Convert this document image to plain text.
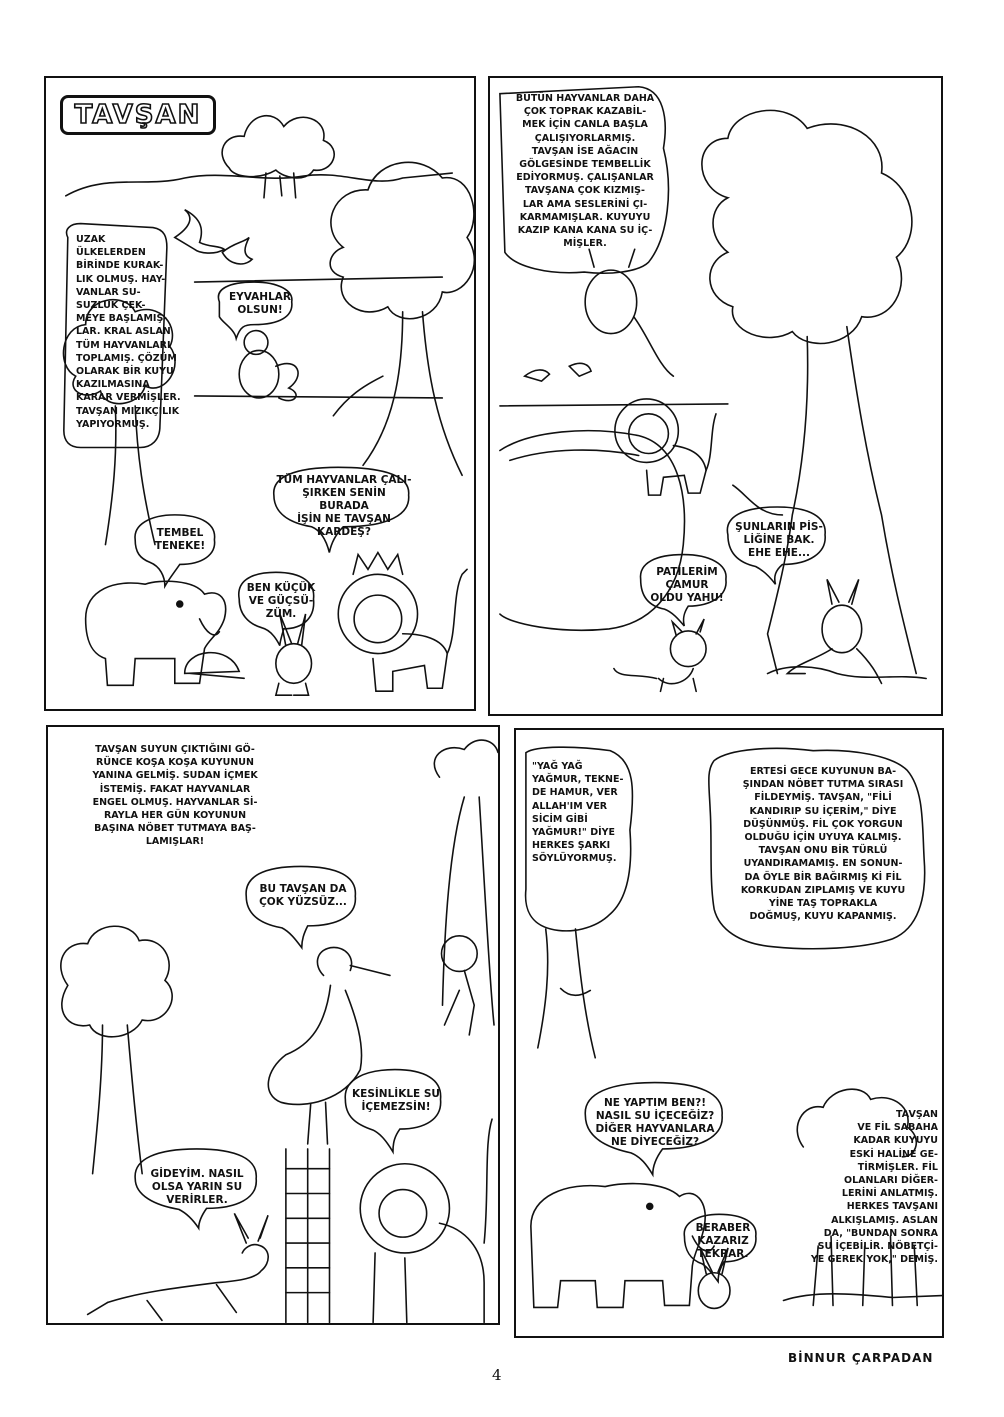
TAVŞAN
UZAK
ÜLKELERDEN
BİRİNDE KURAK-
LIK OLMUŞ. HAY-
VANLAR SU-
SUZLUK ÇEK-
MEYE BAŞLAMIŞ-
LAR. KRAL ASLAN
TÜM HAYVANLARI
TOPLAMIŞ. ÇÖZÜM
OLARAK BİR KUYU
KAZILMASINA
KARAR VERMİŞLER.
TAVŞAN MIZIKÇILIK
YAPIYORMUŞ.
EYVAHLAR
OLSUN!
TEMBEL
TENEKE!
TÜM HAYVANLAR ÇALI-
ŞIRKEN SENİN BURADA
İŞİN NE TAVŞAN
KARDEŞ?
BEN KÜÇÜK
VE GÜÇSÜ-
ZÜM.
BÜTÜN HAYVANLAR DAHA
ÇOK TOPRAK KAZABİL-
MEK İÇİN CANLA BAŞLA
ÇALIŞIYORLARMIŞ.
TAVŞAN İSE AĞACIN
GÖLGESİNDE TEMBELLİK
EDİYORMUŞ. ÇALIŞANLAR
TAVŞANA ÇOK KIZMIŞ-
LAR AMA SESLERİNİ ÇI-
KARMAMIŞLAR. KUYUYU
KAZIP KANA KANA SU İÇ-
MİŞLER.
ŞUNLARIN PİS-
LİĞİNE BAK.
EHE EHE...
PATİLERİM
ÇAMUR
OLDU YAHU!
TAVŞAN SUYUN ÇIKTIĞINI GÖ-
RÜNCE KOŞA KOŞA KUYUNUN
YANINA GELMİŞ. SUDAN İÇMEK
İSTEMİŞ. FAKAT HAYVANLAR
ENGEL OLMUŞ. HAYVANLAR Sİ-
RAYLA HER GÜN KOYUNUN
BAŞINA NÖBET TUTMAYA BAŞ-
LAMIŞLAR!
BU TAVŞAN DA
ÇOK YÜZSÜZ...
KESİNLİKLE SU
İÇEMEZSİN!
GİDEYİM. NASIL
OLSA YARIN SU
VERİRLER.
"YAĞ YAĞ
YAĞMUR, TEKNE-
DE HAMUR, VER
ALLAH'IM VER
SİCİM GİBİ
YAĞMUR!" DİYE
HERKES ŞARKI
SÖYLÜYORMUŞ.
ERTESİ GECE KUYUNUN BA-
ŞINDAN NÖBET TUTMA SIRASI
FİLDEYMİŞ. TAVŞAN, "FİLİ
KANDIRIP SU İÇERİM," DİYE
DÜŞÜNMÜŞ. FİL ÇOK YORGUN
OLDUĞU İÇİN UYUYA KALMIŞ.
TAVŞAN ONU BİR TÜRLÜ
UYANDIRAMAMIŞ. EN SONUN-
DA ÖYLE BİR BAĞIRMIŞ Kİ FİL
KORKUDAN ZIPLAMIŞ VE KUYU
YİNE TAŞ TOPRAKLA
DOĞMUŞ, KUYU KAPANMIŞ.
NE YAPTIM BEN?!
NASIL SU İÇECEĞİZ?
DİĞER HAYVANLARA
NE DİYECEĞİZ?
BERABER
KAZARIZ
TEKRAR.
TAVŞAN
VE FİL SABAHA
KADAR KUYUYU
ESKİ HALİNE GE-
TİRMİŞLER. FİL
OLANLARI DİĞER-
LERİNİ ANLATMIŞ.
HERKES TAVŞANI
ALKIŞLAMIŞ. ASLAN
DA, "BUNDAN SONRA
SU İÇEBİLİR. NÖBETÇİ-
YE GEREK YOK," DEMİŞ.
4
BİNNUR ÇARPADAN
